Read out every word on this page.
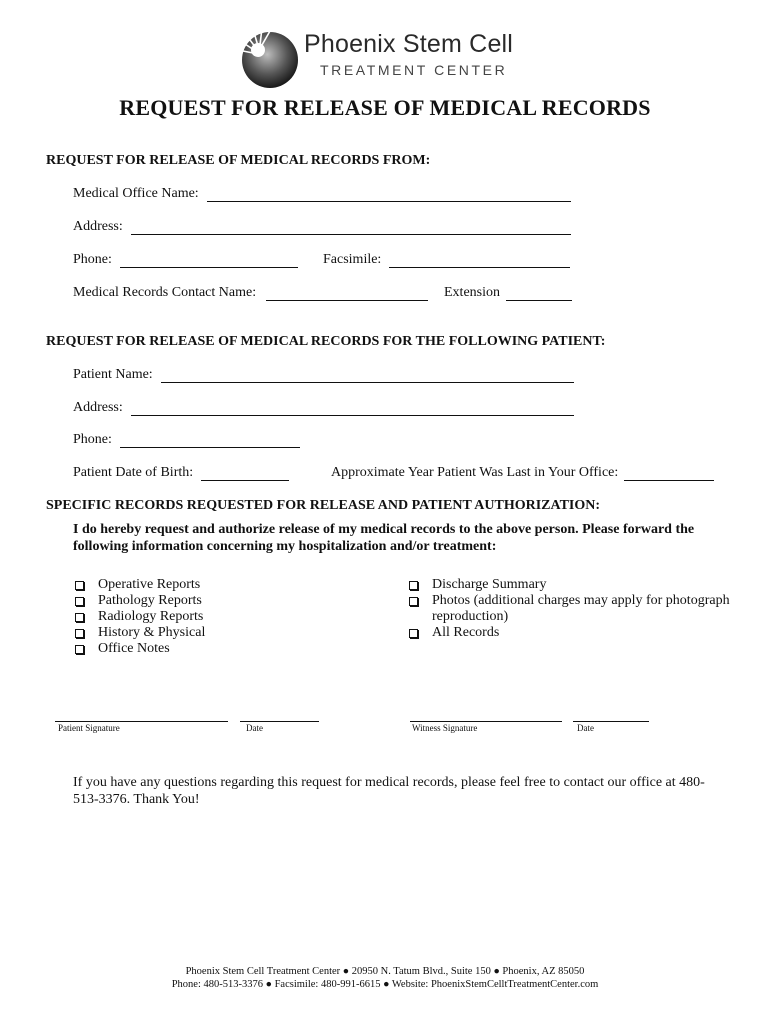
Phoenix Stem Cell
TREATMENT CENTER
REQUEST FOR RELEASE OF MEDICAL RECORDS
REQUEST FOR RELEASE OF MEDICAL RECORDS FROM:
Medical Office Name:
Address:
Phone:	Facsimile:
Medical Records Contact Name:	Extension
REQUEST FOR RELEASE OF MEDICAL RECORDS FOR THE FOLLOWING PATIENT:
Patient Name:
Address:
Phone:
Patient Date of Birth:	Approximate Year Patient Was Last in Your Office:
SPECIFIC RECORDS REQUESTED FOR RELEASE AND PATIENT AUTHORIZATION:
I do hereby request and authorize release of my medical records to the above person. Please forward the following information concerning my hospitalization and/or treatment:
Operative Reports
Pathology Reports
Radiology Reports
History & Physical
Office Notes
Discharge Summary
Photos (additional charges may apply for photograph reproduction)
All Records
Patient Signature	Date	Witness Signature	Date
If you have any questions regarding this request for medical records, please feel free to contact our office at 480-513-3376. Thank You!
Phoenix Stem Cell Treatment Center ● 20950 N. Tatum Blvd., Suite 150 ● Phoenix, AZ 85050
Phone: 480-513-3376 ● Facsimile: 480-991-6615 ● Website: PhoenixStemCelltTreatmentCenter.com
